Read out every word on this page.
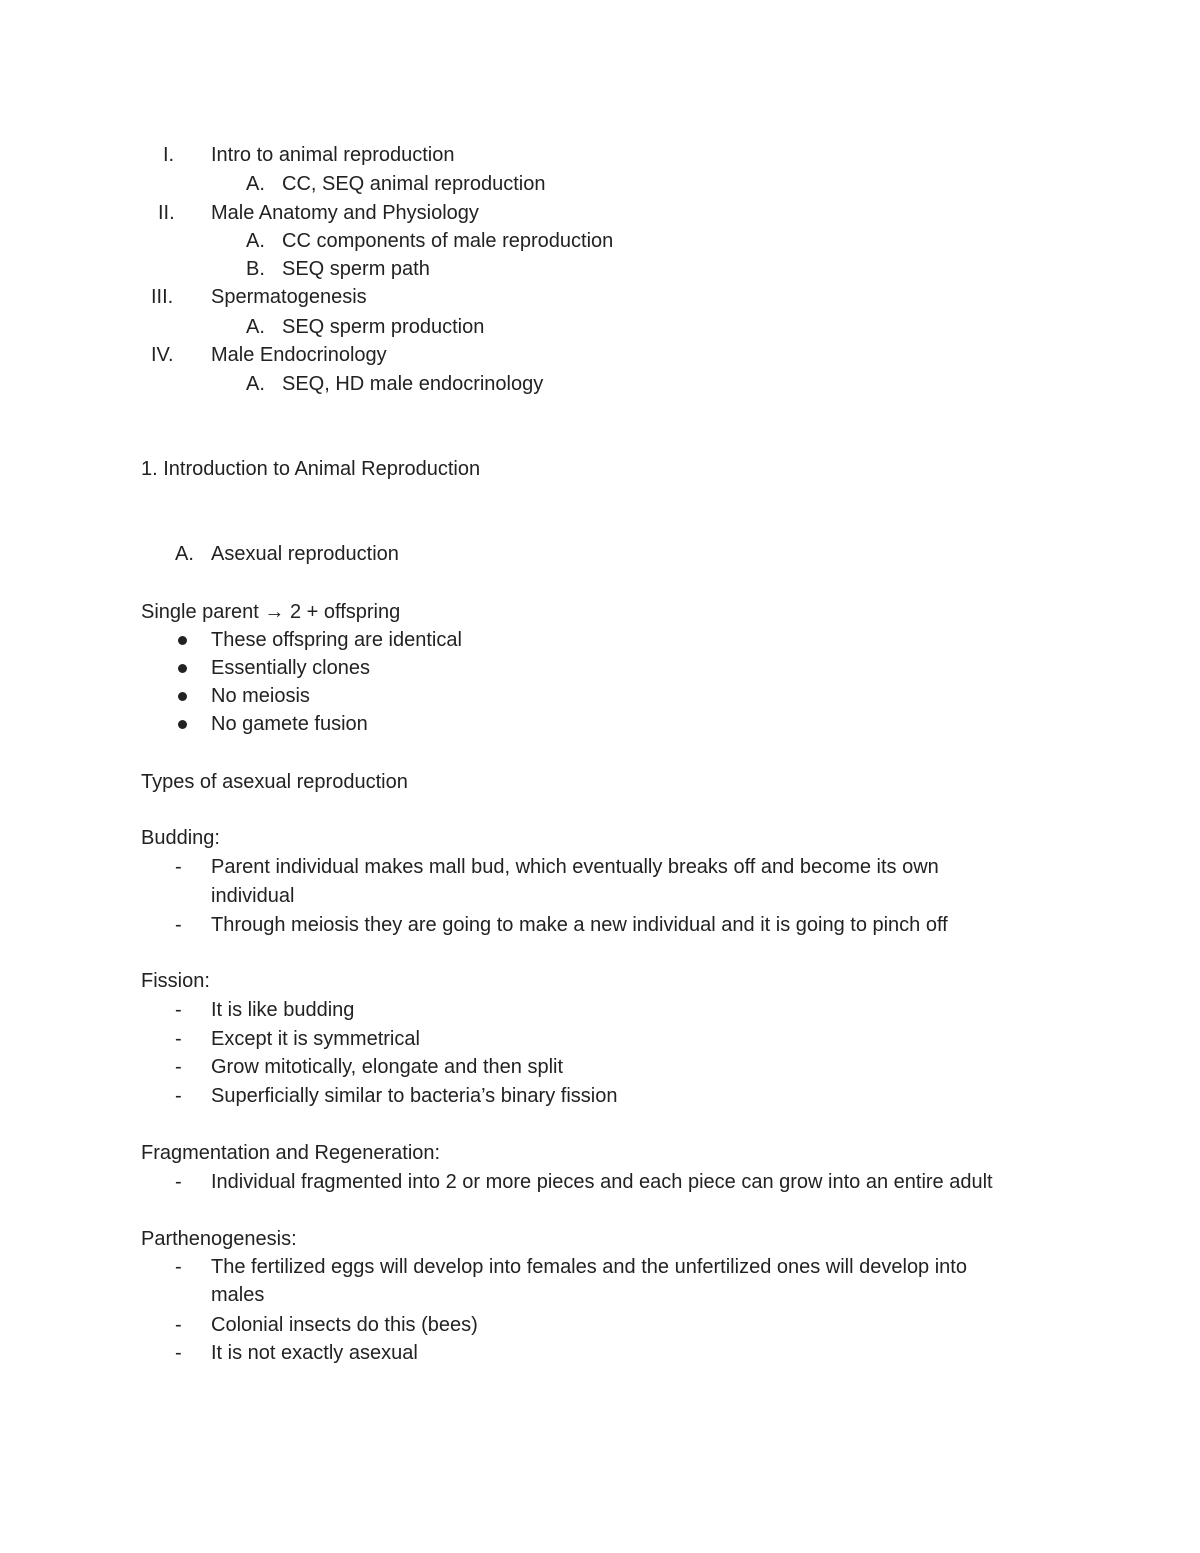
I. Intro to animal reproduction
A. CC, SEQ animal reproduction
II. Male Anatomy and Physiology
A. CC components of male reproduction
B. SEQ sperm path
III. Spermatogenesis
A. SEQ sperm production
IV. Male Endocrinology
A. SEQ, HD male endocrinology
1. Introduction to Animal Reproduction
A. Asexual reproduction
Single parent → 2 + offspring
These offspring are identical
Essentially clones
No meiosis
No gamete fusion
Types of asexual reproduction
Budding:
- Parent individual makes mall bud, which eventually breaks off and become its own
individual
- Through meiosis they are going to make a new individual and it is going to pinch off
Fission:
- It is like budding
- Except it is symmetrical
- Grow mitotically, elongate and then split
- Superficially similar to bacteria’s binary fission
Fragmentation and Regeneration:
- Individual fragmented into 2 or more pieces and each piece can grow into an entire adult
Parthenogenesis:
- The fertilized eggs will develop into females and the unfertilized ones will develop into
males
- Colonial insects do this (bees)
- It is not exactly asexual
